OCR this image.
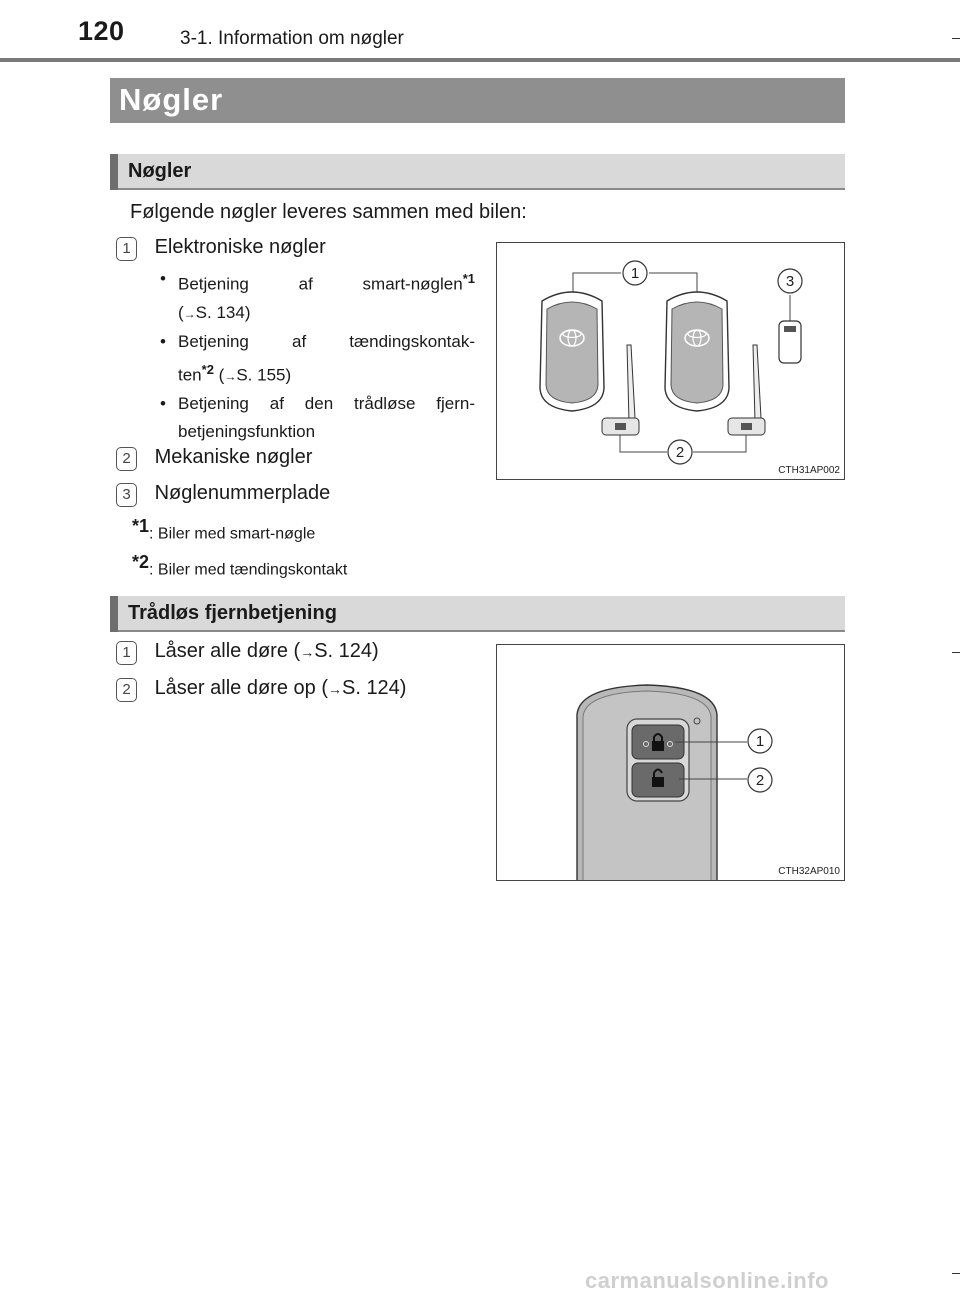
120	3-1. Information om nøgler
Nøgler
Nøgler
Følgende nøgler leveres sammen med bilen:
1 Elektroniske nøgler
• Betjening af smart-nøglen$^{*1}$
(→S. 134)
• Betjening af tændingskontak-
ten$^{*2}$ (→S. 155)
• Betjening af den trådløse fjern-
betjeningsfunktion
2 Mekaniske nøgler
3 Nøglenummerplade
$^{*1}$: Biler med smart-nøgle
$^{*2}$: Biler med tændingskontakt
1
2
3
CTH31AP002
Trådløs fjernbetjening
1 Låser alle døre (→S. 124)
2 Låser alle døre op (→S. 124)
1
2
CTH32AP010
carmanualsonline.info
